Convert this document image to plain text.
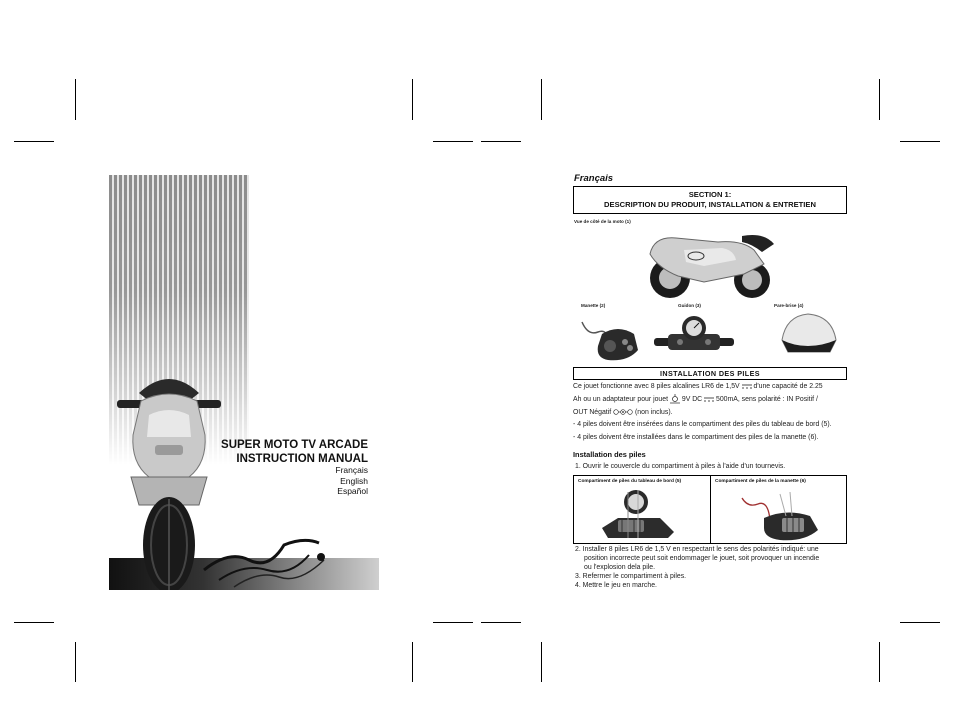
SUPER MOTO TV ARCADE
INSTRUCTION MANUAL
Français
English
Español
Français
SECTION 1:
DESCRIPTION DU PRODUIT, INSTALLATION & ENTRETIEN
Vue de côté de la moto (1)
Manette (2)	Guidon (3)	Pare-brise (4)
INSTALLATION DES PILES
Ce jouet fonctionne avec 8 piles alcalines LR6 de 1,5V d'une capacité de 2.25
Ah ou un adaptateur pour jouet 9V DC 500mA, sens polarité : IN Positif /
OUT Négatif	(non inclus).
- 4 piles doivent être insérées dans le compartiment des piles du tableau de bord (5).
- 4 piles doivent être installées dans le compartiment des piles de la manette (6).
Installation des piles
1. Ouvrir le couvercle du compartiment à piles à l'aide d'un tournevis.
Compartiment de piles du tableau de bord (5)	Compartiment de piles de la manette (6)
2. Installer 8 piles LR6 de 1,5 V en respectant le sens des polarités indiqué: une
position incorrecte peut soit endommager le jouet, soit provoquer un incendie
ou l'explosion dela pile.
3. Refermer le compartiment à piles.
4. Mettre le jeu en marche.
